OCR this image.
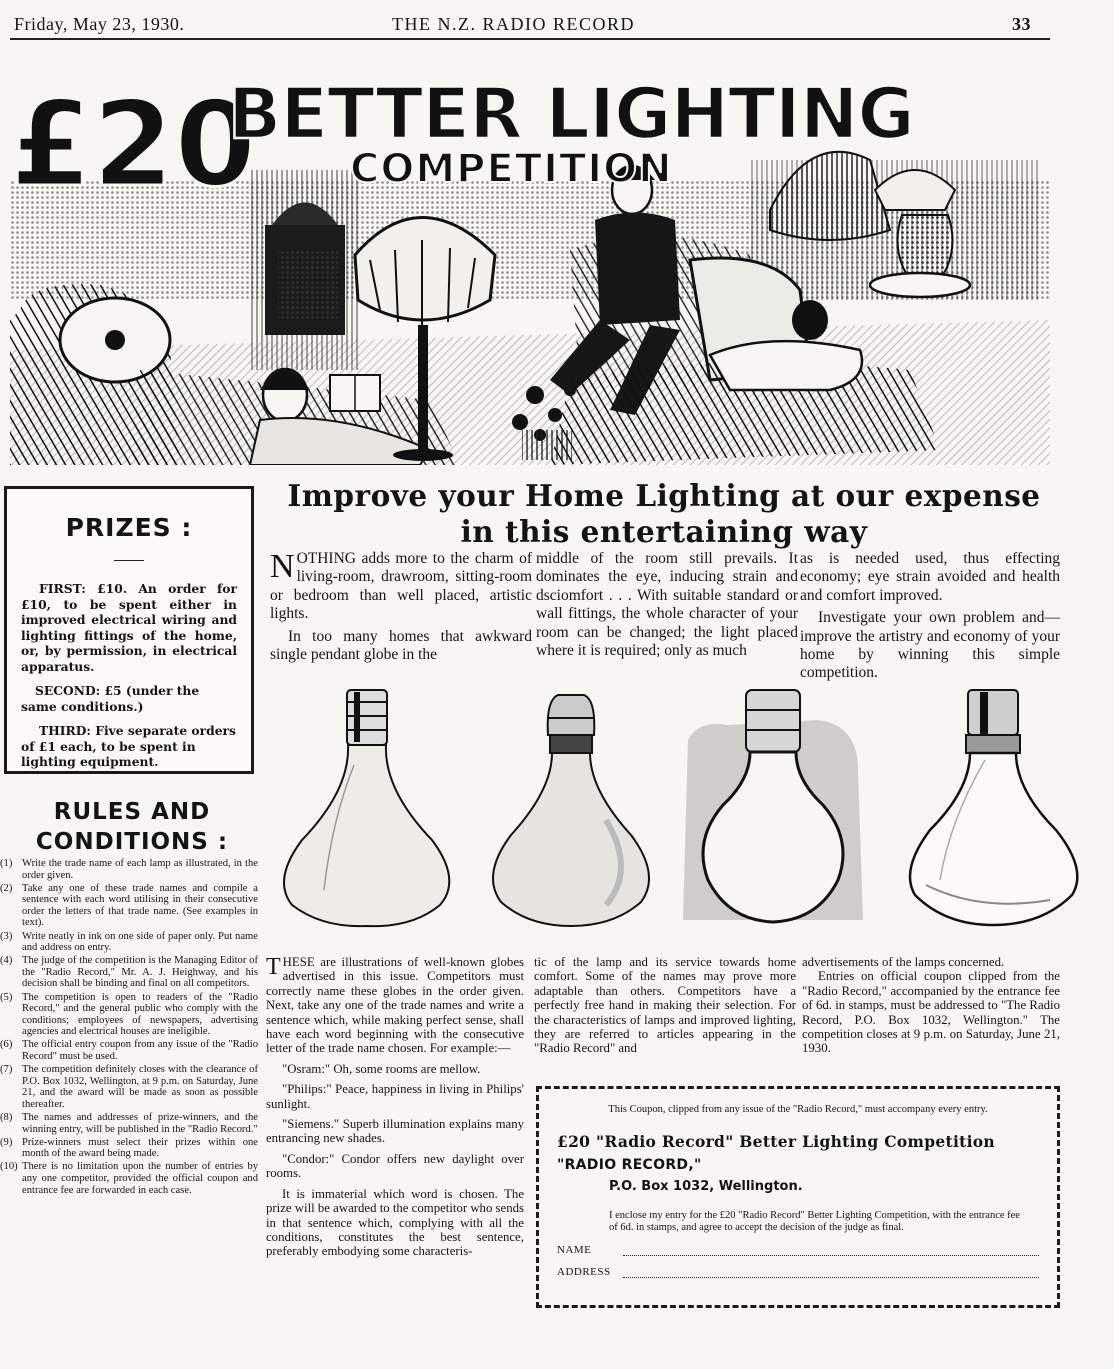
Friday, May 23, 1930.	THE N.Z. RADIO RECORD	33
£20
BETTER LIGHTING
COMPETITION
PRIZES :

FIRST: £10. An order for £10, to be spent either in improved electrical wiring and lighting fittings of the home, or, by permission, in electrical apparatus.

SECOND: £5 (under the same conditions.)

THIRD: Five separate orders of £1 each, to be spent in lighting equipment.

RULES AND CONDITIONS :
(1) Write the trade name of each lamp as illustrated, in the order given.
(2) Take any one of these trade names and compile a sentence with each word utilising in their consecutive order the letters of that trade name. (See examples in text).
(3) Write neatly in ink on one side of paper only. Put name and address on entry.
(4) The judge of the competition is the Managing Editor of the "Radio Record," Mr. A. J. Heighway, and his decision shall be binding and final on all competitors.
(5) The competition is open to readers of the "Radio Record," and the general public who comply with the conditions; employees of newspapers, advertising agencies and electrical houses are ineligible.
(6) The official entry coupon from any issue of the "Radio Record" must be used.
(7) The competition definitely closes with the clearance of P.O. Box 1032, Wellington, at 9 p.m. on Saturday, June 21, and the award will be made as soon as possible thereafter.
(8) The names and addresses of prize-winners, and the winning entry, will be published in the "Radio Record."
(9) Prize-winners must select their prizes within one month of the award being made.
(10) There is no limitation upon the number of entries by any one competitor, provided the official coupon and entrance fee are forwarded in each case.
Improve your Home Lighting at our expense in this entertaining way

NOTHING adds more to the charm of living-room, drawroom, sitting-room or bedroom than well placed, artistic lights.

In too many homes that awkward single pendant globe in the

middle of the room still prevails. It dominates the eye, inducing strain and dsciomfort . . . With suitable standard or wall fittings, the whole character of your room can be changed; the light placed where it is required; only as much

as is needed used, thus effecting economy; eye strain avoided and health and comfort improved.

Investigate your own problem and—improve the artistry and economy of your home by winning this simple competition.

THESE are illustrations of well-known globes advertised in this issue. Competitors must correctly name these globes in the order given. Next, take any one of the trade names and write a sentence which, while making perfect sense, shall have each word beginning with the consecutive letter of the trade name chosen. For example:—

"Osram:" Oh, some rooms are mellow.

"Philips:" Peace, happiness in living in Philips' sunlight.

"Siemens." Superb illumination explains many entrancing new shades.

"Condor:" Condor offers new daylight over rooms.

It is immaterial which word is chosen. The prize will be awarded to the competitor who sends in that sentence which, complying with all the conditions, constitutes the best sentence, preferably embodying some characteris-

tic of the lamp and its service towards home comfort. Some of the names may prove more adaptable than others. Competitors have a perfectly free hand in making their selection. For the characteristics of lamps and improved lighting, they are referred to articles appearing in the "Radio Record" and

advertisements of the lamps concerned.

Entries on official coupon clipped from the "Radio Record," accompanied by the entrance fee of 6d. in stamps, must be addressed to "The Radio Record, P.O. Box 1032, Wellington." The competition closes at 9 p.m. on Saturday, June 21, 1930.

This Coupon, clipped from any issue of the "Radio Record," must accompany every entry.
£20 "Radio Record" Better Lighting Competition
"RADIO RECORD,"
P.O. Box 1032, Wellington.
I enclose my entry for the £20 "Radio Record" Better Lighting Competition, with the entrance fee of 6d. in stamps, and agree to accept the decision of the judge as final.
NAME
ADDRESS
